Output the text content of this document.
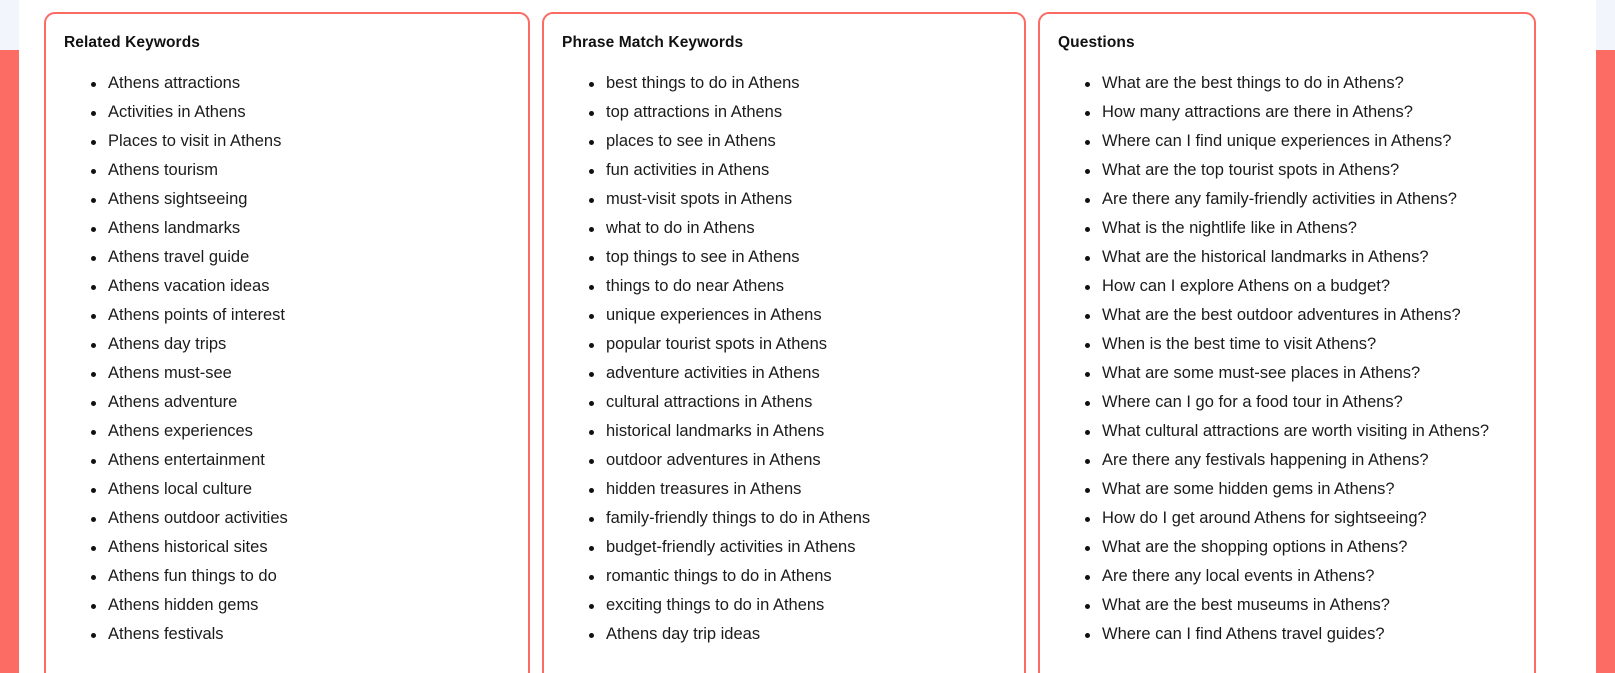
Related Keywords
Athens attractions
Activities in Athens
Places to visit in Athens
Athens tourism
Athens sightseeing
Athens landmarks
Athens travel guide
Athens vacation ideas
Athens points of interest
Athens day trips
Athens must-see
Athens adventure
Athens experiences
Athens entertainment
Athens local culture
Athens outdoor activities
Athens historical sites
Athens fun things to do
Athens hidden gems
Athens festivals
Phrase Match Keywords
best things to do in Athens
top attractions in Athens
places to see in Athens
fun activities in Athens
must-visit spots in Athens
what to do in Athens
top things to see in Athens
things to do near Athens
unique experiences in Athens
popular tourist spots in Athens
adventure activities in Athens
cultural attractions in Athens
historical landmarks in Athens
outdoor adventures in Athens
hidden treasures in Athens
family-friendly things to do in Athens
budget-friendly activities in Athens
romantic things to do in Athens
exciting things to do in Athens
Athens day trip ideas
Questions
What are the best things to do in Athens?
How many attractions are there in Athens?
Where can I find unique experiences in Athens?
What are the top tourist spots in Athens?
Are there any family-friendly activities in Athens?
What is the nightlife like in Athens?
What are the historical landmarks in Athens?
How can I explore Athens on a budget?
What are the best outdoor adventures in Athens?
When is the best time to visit Athens?
What are some must-see places in Athens?
Where can I go for a food tour in Athens?
What cultural attractions are worth visiting in Athens?
Are there any festivals happening in Athens?
What are some hidden gems in Athens?
How do I get around Athens for sightseeing?
What are the shopping options in Athens?
Are there any local events in Athens?
What are the best museums in Athens?
Where can I find Athens travel guides?
